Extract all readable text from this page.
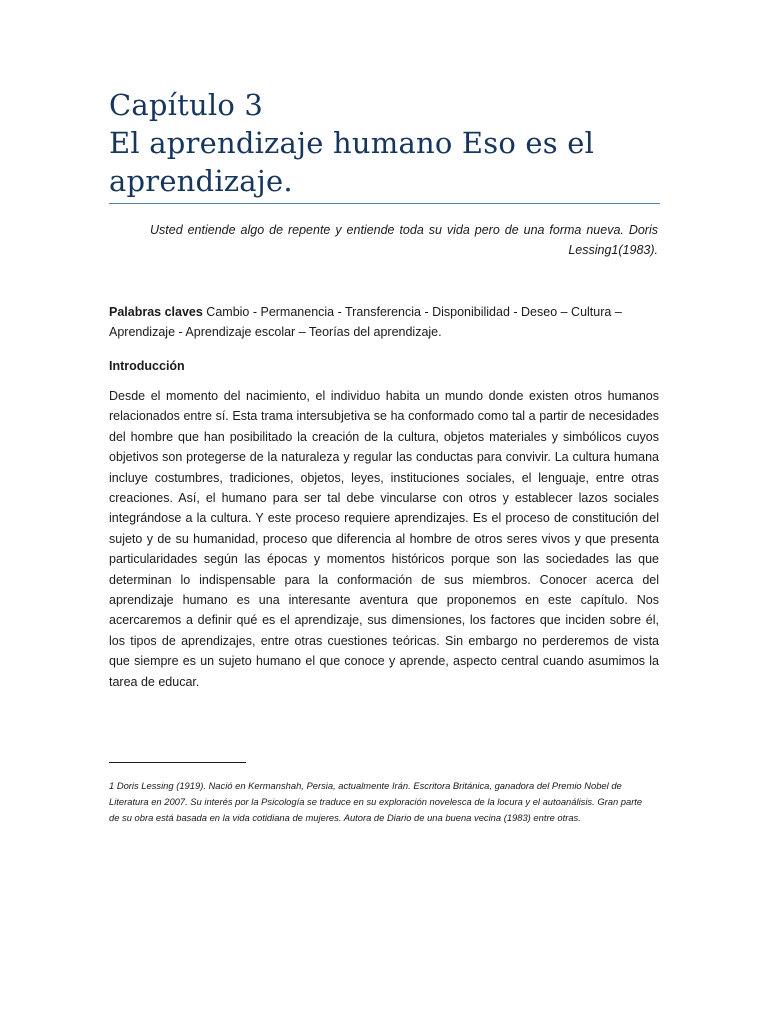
Capítulo 3
El aprendizaje humano Eso es el
aprendizaje.
Usted entiende algo de repente y entiende toda su vida pero de una forma nueva. Doris
Lessing1(1983).
Palabras claves Cambio - Permanencia - Transferencia - Disponibilidad - Deseo – Cultura – Aprendizaje - Aprendizaje escolar – Teorías del aprendizaje.
Introducción
Desde el momento del nacimiento, el individuo habita un mundo donde existen otros humanos relacionados entre sí. Esta trama intersubjetiva se ha conformado como tal a partir de necesidades del hombre que han posibilitado la creación de la cultura, objetos materiales y simbólicos cuyos objetivos son protegerse de la naturaleza y regular las conductas para convivir. La cultura humana incluye costumbres, tradiciones, objetos, leyes, instituciones sociales, el lenguaje, entre otras creaciones. Así, el humano para ser tal debe vincularse con otros y establecer lazos sociales integrándose a la cultura. Y este proceso requiere aprendizajes. Es el proceso de constitución del sujeto y de su humanidad, proceso que diferencia al hombre de otros seres vivos y que presenta particularidades según las épocas y momentos históricos porque son las sociedades las que determinan lo indispensable para la conformación de sus miembros. Conocer acerca del aprendizaje humano es una interesante aventura que proponemos en este capítulo. Nos acercaremos a definir qué es el aprendizaje, sus dimensiones, los factores que inciden sobre él, los tipos de aprendizajes, entre otras cuestiones teóricas. Sin embargo no perderemos de vista que siempre es un sujeto humano el que conoce y aprende, aspecto central cuando asumimos la tarea de educar.
1 Doris Lessing (1919). Nació en Kermanshah, Persia, actualmente Irán. Escritora Británica, ganadora del Premio Nobel de Literatura en 2007. Su interés por la Psicología se traduce en su exploración novelesca de la locura y el autoanálisis. Gran parte de su obra está basada en la vida cotidiana de mujeres. Autora de Diario de una buena vecina (1983) entre otras.
